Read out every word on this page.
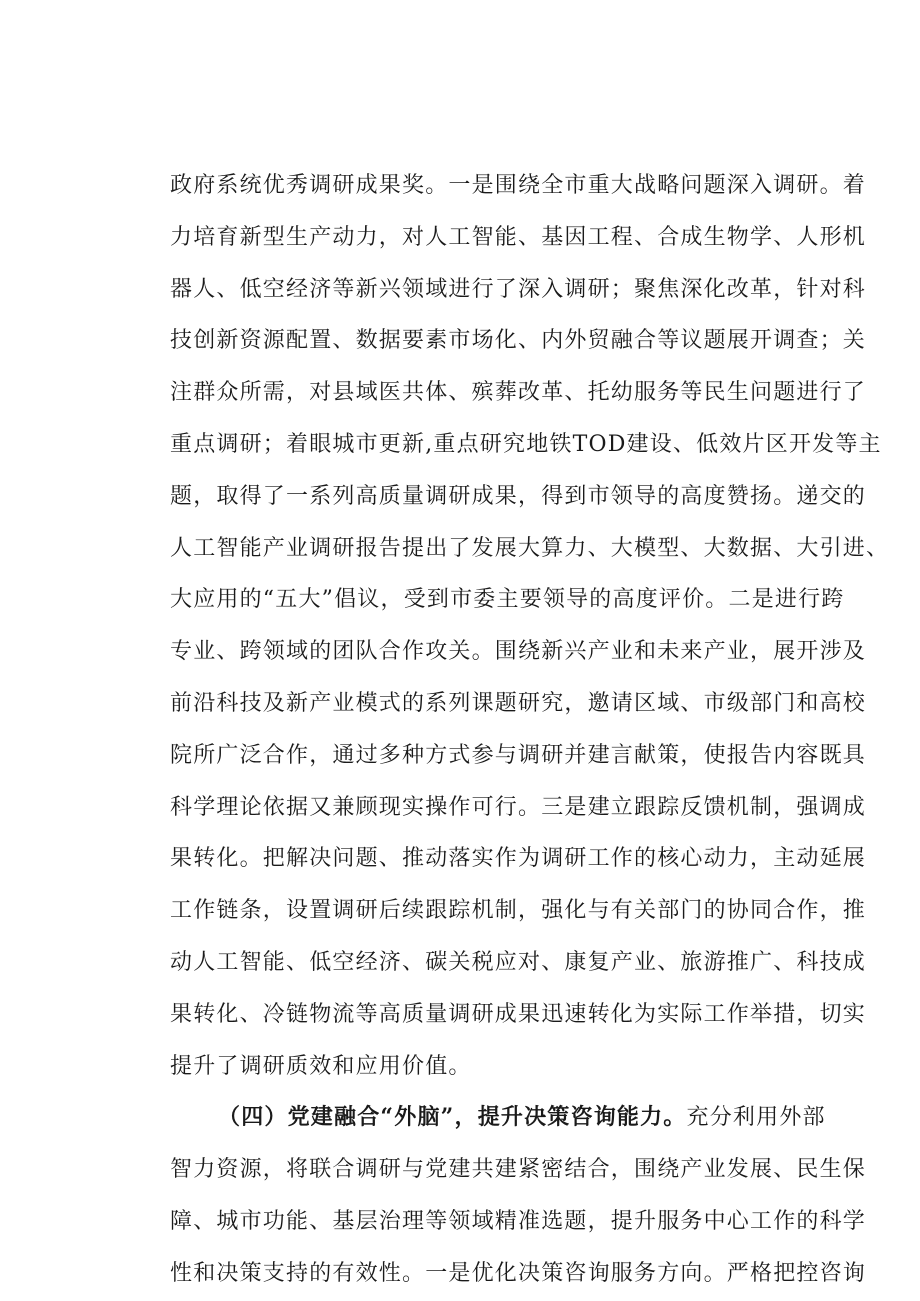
政府系统优秀调研成果奖。一是围绕全市重大战略问题深入调研。着
力培育新型生产动力，对人工智能、基因工程、合成生物学、人形机
器人、低空经济等新兴领域进行了深入调研；聚焦深化改革，针对科
技创新资源配置、数据要素市场化、内外贸融合等议题展开调查；关
注群众所需，对县域医共体、殡葬改革、托幼服务等民生问题进行了
重点调研；着眼城市更新,重点研究地铁TOD建设、低效片区开发等主
题，取得了一系列高质量调研成果，得到市领导的高度赞扬。递交的
人工智能产业调研报告提出了发展大算力、大模型、大数据、大引进、
大应用的“五大”倡议，受到市委主要领导的高度评价。二是进行跨
专业、跨领域的团队合作攻关。围绕新兴产业和未来产业，展开涉及
前沿科技及新产业模式的系列课题研究，邀请区域、市级部门和高校
院所广泛合作，通过多种方式参与调研并建言献策，使报告内容既具
科学理论依据又兼顾现实操作可行。三是建立跟踪反馈机制，强调成
果转化。把解决问题、推动落实作为调研工作的核心动力，主动延展
工作链条，设置调研后续跟踪机制，强化与有关部门的协同合作，推
动人工智能、低空经济、碳关税应对、康复产业、旅游推广、科技成
果转化、冷链物流等高质量调研成果迅速转化为实际工作举措，切实
提升了调研质效和应用价值。
（四）党建融合“外脑”，提升决策咨询能力。充分利用外部
智力资源，将联合调研与党建共建紧密结合，围绕产业发展、民生保
障、城市功能、基层治理等领域精准选题，提升服务中心工作的科学
性和决策支持的有效性。一是优化决策咨询服务方向。严格把控咨询
